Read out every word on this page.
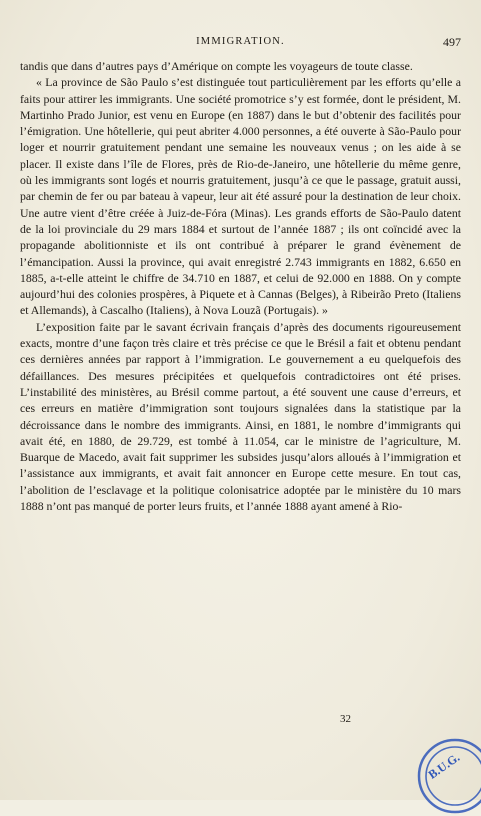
IMMIGRATION.	497

tandis que dans d’autres pays d’Amérique on compte les voyageurs de toute classe.

« La province de São Paulo s’est distinguée tout particulièrement par les efforts qu’elle a faits pour attirer les immigrants. Une société promotrice s’y est formée, dont le président, M. Martinho Prado Junior, est venu en Europe (en 1887) dans le but d’obtenir des facilités pour l’émigration. Une hôtellerie, qui peut abriter 4.000 personnes, a été ouverte à São-Paulo pour loger et nourrir gratuitement pendant une semaine les nouveaux venus ; on les aide à se placer. Il existe dans l’île de Flores, près de Rio-de-Janeiro, une hôtellerie du même genre, où les immigrants sont logés et nourris gratuitement, jusqu’à ce que le passage, gratuit aussi, par chemin de fer ou par bateau à vapeur, leur ait été assuré pour la destination de leur choix. Une autre vient d’être créée à Juiz-de-Fóra (Minas). Les grands efforts de São-Paulo datent de la loi provinciale du 29 mars 1884 et surtout de l’année 1887 ; ils ont coïncidé avec la propagande abolitionniste et ils ont contribué à préparer le grand évènement de l’émancipation. Aussi la province, qui avait enregistré 2.743 immigrants en 1882, 6.650 en 1885, a-t-elle atteint le chiffre de 34.710 en 1887, et celui de 92.000 en 1888. On y compte aujourd’hui des colonies prospères, à Piquete et à Cannas (Belges), à Ribeirão Preto (Italiens et Allemands), à Cascalho (Italiens), à Nova Louzã (Portugais). »

L’exposition faite par le savant écrivain français d’après des documents rigoureusement exacts, montre d’une façon très claire et très précise ce que le Brésil a fait et obtenu pendant ces dernières années par rapport à l’immigration. Le gouvernement a eu quelquefois des défaillances. Des mesures précipitées et quelquefois contradictoires ont été prises. L’instabilité des ministères, au Brésil comme partout, a été souvent une cause d’erreurs, et ces erreurs en matière d’immigration sont toujours signalées dans la statistique par la décroissance dans le nombre des immigrants. Ainsi, en 1881, le nombre d’immigrants qui avait été, en 1880, de 29.729, est tombé à 11.054, car le ministre de l’agriculture, M. Buarque de Macedo, avait fait supprimer les subsides jusqu’alors alloués à l’immigration et l’assistance aux immigrants, et avait fait annoncer en Europe cette mesure. En tout cas, l’abolition de l’esclavage et la politique colonisatrice adoptée par le ministère du 10 mars 1888 n’ont pas manqué de porter leurs fruits, et l’année 1888 ayant amené à Rio-

32
B.U.G.
